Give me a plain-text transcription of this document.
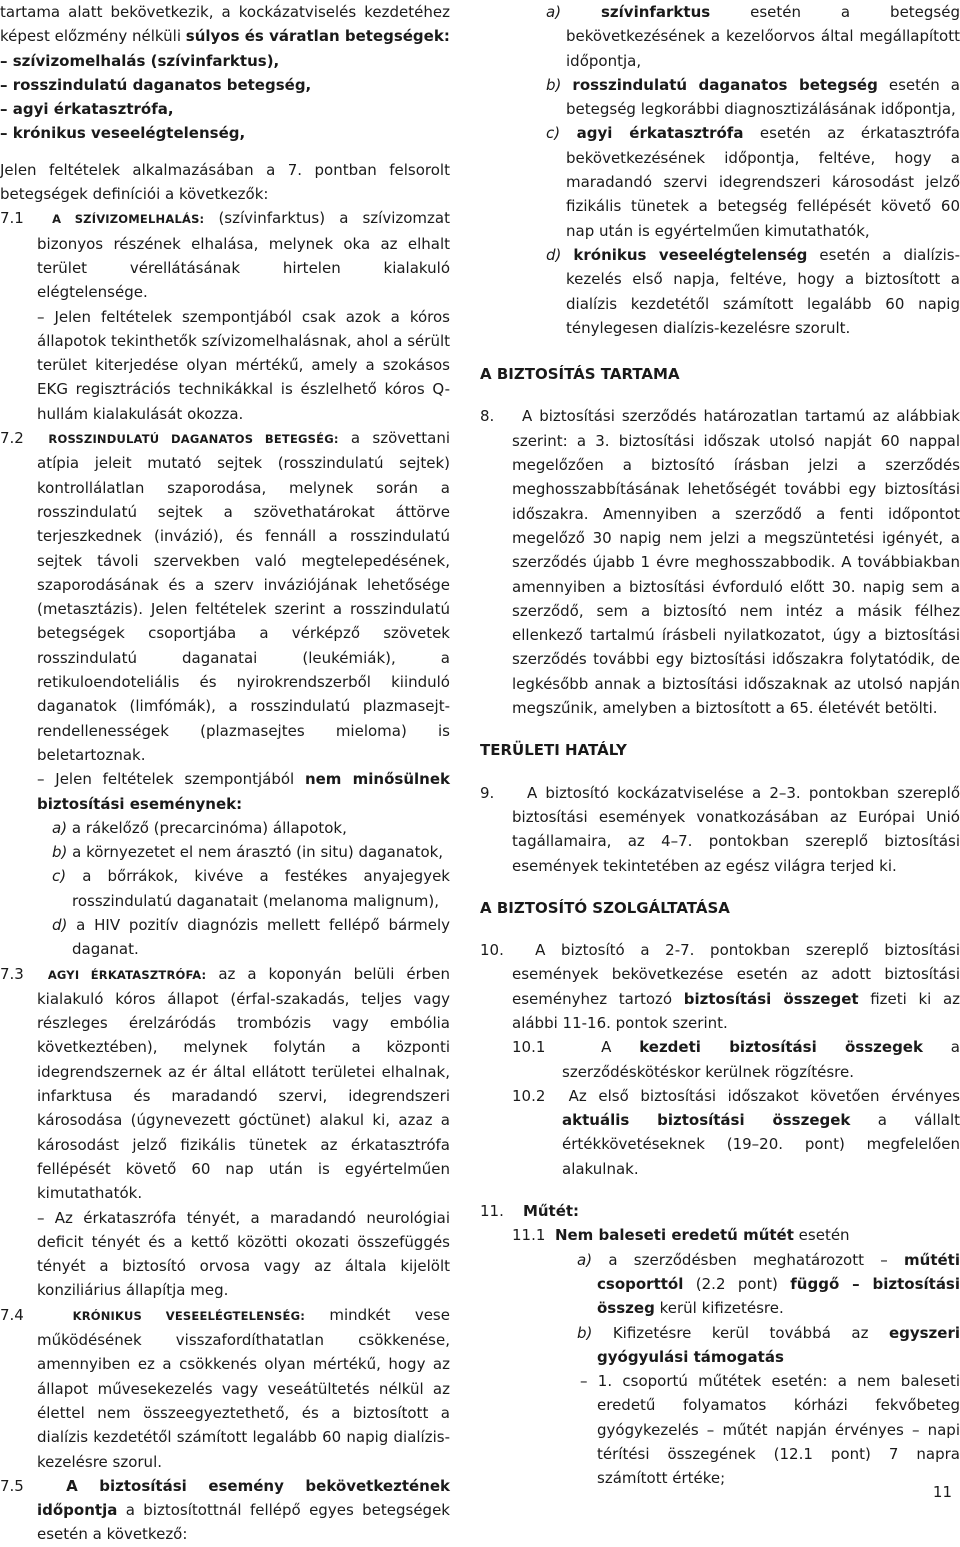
tartama alatt bekövetkezik, a kockázatviselés kezdetéhez képest előzmény nélküli súlyos és váratlan betegségek:

– szívizomelhalás (szívinfarktus),

– rosszindulatú daganatos betegség,

– agyi érkatasztrófa,

– krónikus veseelégtelenség,

Jelen feltételek alkalmazásában a 7. pontban felsorolt betegségek definíciói a következők:

7.1 A SZÍVIZOMELHALÁS: (szívinfarktus) a szívizomzat bizonyos részének elhalása, melynek oka az elhalt terület vérellátásának hirtelen kialakuló elégtelensége.

– Jelen feltételek szempontjából csak azok a kóros állapotok tekinthetők szívizomelhalásnak, ahol a sérült terület kiterjedése olyan mértékű, amely a szokásos EKG regisztrációs technikákkal is észlelhető kóros Q-hullám kialakulását okozza.

7.2 ROSSZINDULATÚ DAGANATOS BETEGSÉG: a szövettani atípia jeleit mutató sejtek (rosszindulatú sejtek) kontrollálatlan szaporodása, melynek során a rosszindulatú sejtek a szövethatárokat áttörve terjeszkednek (invázió), és fennáll a rosszindulatú sejtek távoli szervekben való megtelepedésének, szaporodásának és a szerv inváziójának lehetősége (metasztázis). Jelen feltételek szerint a rosszindulatú betegségek csoportjába a vérképző szövetek rosszindulatú daganatai (leukémiák), a retikuloendoteliális és nyirokrendszerből kiinduló daganatok (limfómák), a rosszindulatú plazmasejt-rendellenességek (plazmasejtes mieloma) is beletartoznak.

– Jelen feltételek szempontjából nem minősülnek biztosítási eseménynek:

a) a rákelőző (precarcinóma) állapotok,

b) a környezetet el nem árasztó (in situ) daganatok,

c) a bőrrákok, kivéve a festékes anyajegyek rosszindulatú daganatait (melanoma malignum),

d) a HIV pozitív diagnózis mellett fellépő bármely daganat.

7.3 AGYI ÉRKATASZTRÓFA: az a koponyán belüli érben kialakuló kóros állapot (érfal-szakadás, teljes vagy részleges érelzáródás trombózis vagy embólia következtében), melynek folytán a központi idegrendszernek az ér által ellátott területei elhalnak, infarktusa és maradandó szervi, idegrendszeri károsodása (úgynevezett góctünet) alakul ki, azaz a károsodást jelző fizikális tünetek az érkatasztrófa fellépését követő 60 nap után is egyértelműen kimutathatók.

– Az érkataszrófa tényét, a maradandó neurológiai deficit tényét és a kettő közötti okozati összefüggés tényét a biztosító orvosa vagy az általa kijelölt konziliárius állapítja meg.

7.4	KRÓNIKUS VESEELÉGTELENSÉG: mindkét vese működésének visszafordíthatatlan csökkenése, amennyiben ez a csökkenés olyan mértékű, hogy az állapot művesekezelés vagy veseátültetés nélkül az élettel nem összeegyeztethető, és a biztosított a dialízis kezdetétől számított legalább 60 napig dialízis-kezelésre szorul.

7.5	A biztosítási esemény bekövetkeztének időpontja a biztosítottnál fellépő egyes betegségek esetén a következő:

a)	szívinfarktus esetén a betegség bekövetkezésének a kezelőorvos által megállapított időpontja,

b) rosszindulatú daganatos betegség esetén a betegség legkorábbi diagnosztizálásának időpontja,

c) agyi érkatasztrófa esetén az érkatasztrófa bekövetkezésének időpontja, feltéve, hogy a maradandó szervi idegrendszeri károsodást jelző fizikális tünetek a betegség fellépését követő 60 nap után is egyértelműen kimutathatók,

d) krónikus veseelégtelenség esetén a dialízis-kezelés első napja, feltéve, hogy a biztosított a dialízis kezdetétől számított legalább 60 napig ténylegesen dialízis-kezelésre szorult.

A BIZTOSÍTÁS TARTAMA

8. A biztosítási szerződés határozatlan tartamú az alábbiak szerint: a 3. biztosítási időszak utolsó napját 60 nappal megelőzően a biztosító írásban jelzi a szerződés meghosszabbításának lehetőségét további egy biztosítási időszakra. Amennyiben a szerződő a fenti időpontot megelőző 30 napig nem jelzi a megszüntetési igényét, a szerződés újabb 1 évre meghosszabbodik. A továbbiakban amennyiben a biztosítási évforduló előtt 30. napig sem a szerződő, sem a biztosító nem intéz a másik félhez ellenkező tartalmú írásbeli nyilatkozatot, úgy a biztosítási szerződés további egy biztosítási időszakra folytatódik, de legkésőbb annak a biztosítási időszaknak az utolsó napján megszűnik, amelyben a biztosított a 65. életévét betölti.

TERÜLETI HATÁLY

9. A biztosító kockázatviselése a 2–3. pontokban szereplő biztosítási események vonatkozásában az Európai Unió tagállamaira, az 4–7. pontokban szereplő biztosítási események tekintetében az egész világra terjed ki.

A BIZTOSÍTÓ SZOLGÁLTATÁSA

10. A biztosító a 2-7. pontokban szereplő biztosítási események bekövetkezése esetén az adott biztosítási eseményhez tartozó biztosítási összeget fizeti ki az alábbi 11-16. pontok szerint.

10.1	A kezdeti biztosítási összegek a szerződéskötéskor kerülnek rögzítésre.

10.2 Az első biztosítási időszakot követően érvényes aktuális biztosítási összegek a vállalt értékkövetéseknek (19–20. pont) megfelelően alakulnak.

11. Műtét:

11.1 Nem baleseti eredetű műtét esetén

a) a szerződésben meghatározott – műtéti csoporttól (2.2 pont) függő – biztosítási összeg kerül kifizetésre.

b) Kifizetésre kerül továbbá az egyszeri gyógyulási támogatás

– 1. csoportú műtétek esetén: a nem baleseti eredetű folyamatos kórházi fekvőbeteg gyógykezelés – műtét napján érvényes – napi térítési összegének (12.1 pont) 7 napra számított értéke;

11
